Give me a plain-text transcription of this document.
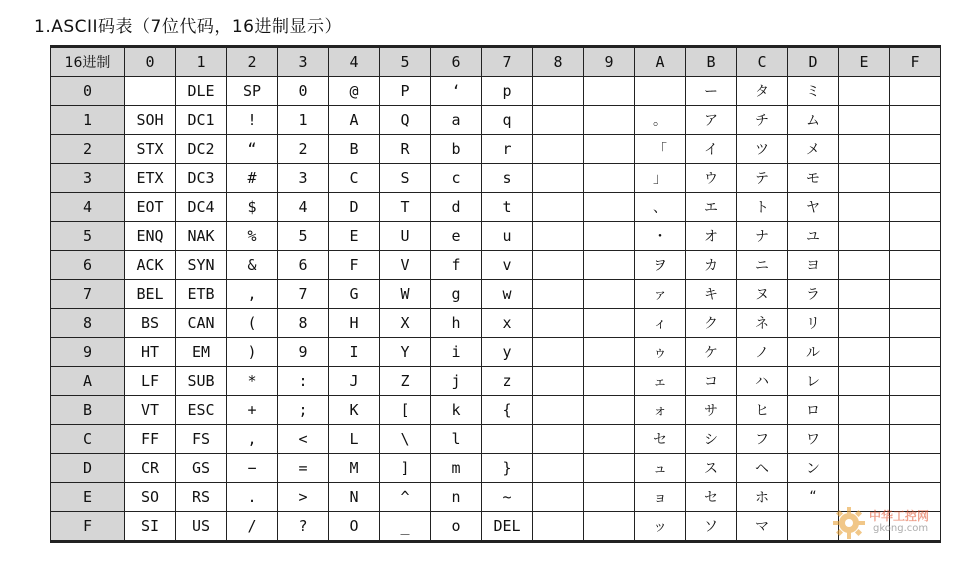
1.ASCII码表（7位代码，16进制显示）
16进制	0	1	2	3	4	5	6	7	8	9	A	B	C	D	E	F
0		DLE	SP	0	@	P	‘	p				ー	タ	ミ		
1	SOH	DC1	!	1	A	Q	a	q			。	ア	チ	ム		
2	STX	DC2	“	2	B	R	b	r			「	イ	ツ	メ		
3	ETX	DC3	#	3	C	S	c	s			」	ウ	テ	モ		
4	EOT	DC4	$	4	D	T	d	t			、	エ	ト	ヤ		
5	ENQ	NAK	%	5	E	U	e	u			・	オ	ナ	ユ		
6	ACK	SYN	&	6	F	V	f	v			ヲ	カ	ニ	ヨ		
7	BEL	ETB	‚	7	G	W	g	w			ァ	キ	ヌ	ラ		
8	BS	CAN	(	8	H	X	h	x			ィ	ク	ネ	リ		
9	HT	EM	)	9	I	Y	i	y			ゥ	ケ	ノ	ル		
A	LF	SUB	*	:	J	Z	j	z			ェ	コ	ハ	レ		
B	VT	ESC	+	;	K	[	k	{			ォ	サ	ヒ	ロ		
C	FF	FS	,	<	L	\	l				セ	シ	フ	ワ		
D	CR	GS	−	=	M	]	m	}			ュ	ス	ヘ	ン		
E	SO	RS	.	>	N	^	n	~			ョ	セ	ホ	“		
F	SI	US	/	?	O	_	o	DEL			ッ	ソ	マ			
中华工控网
gkong.com
